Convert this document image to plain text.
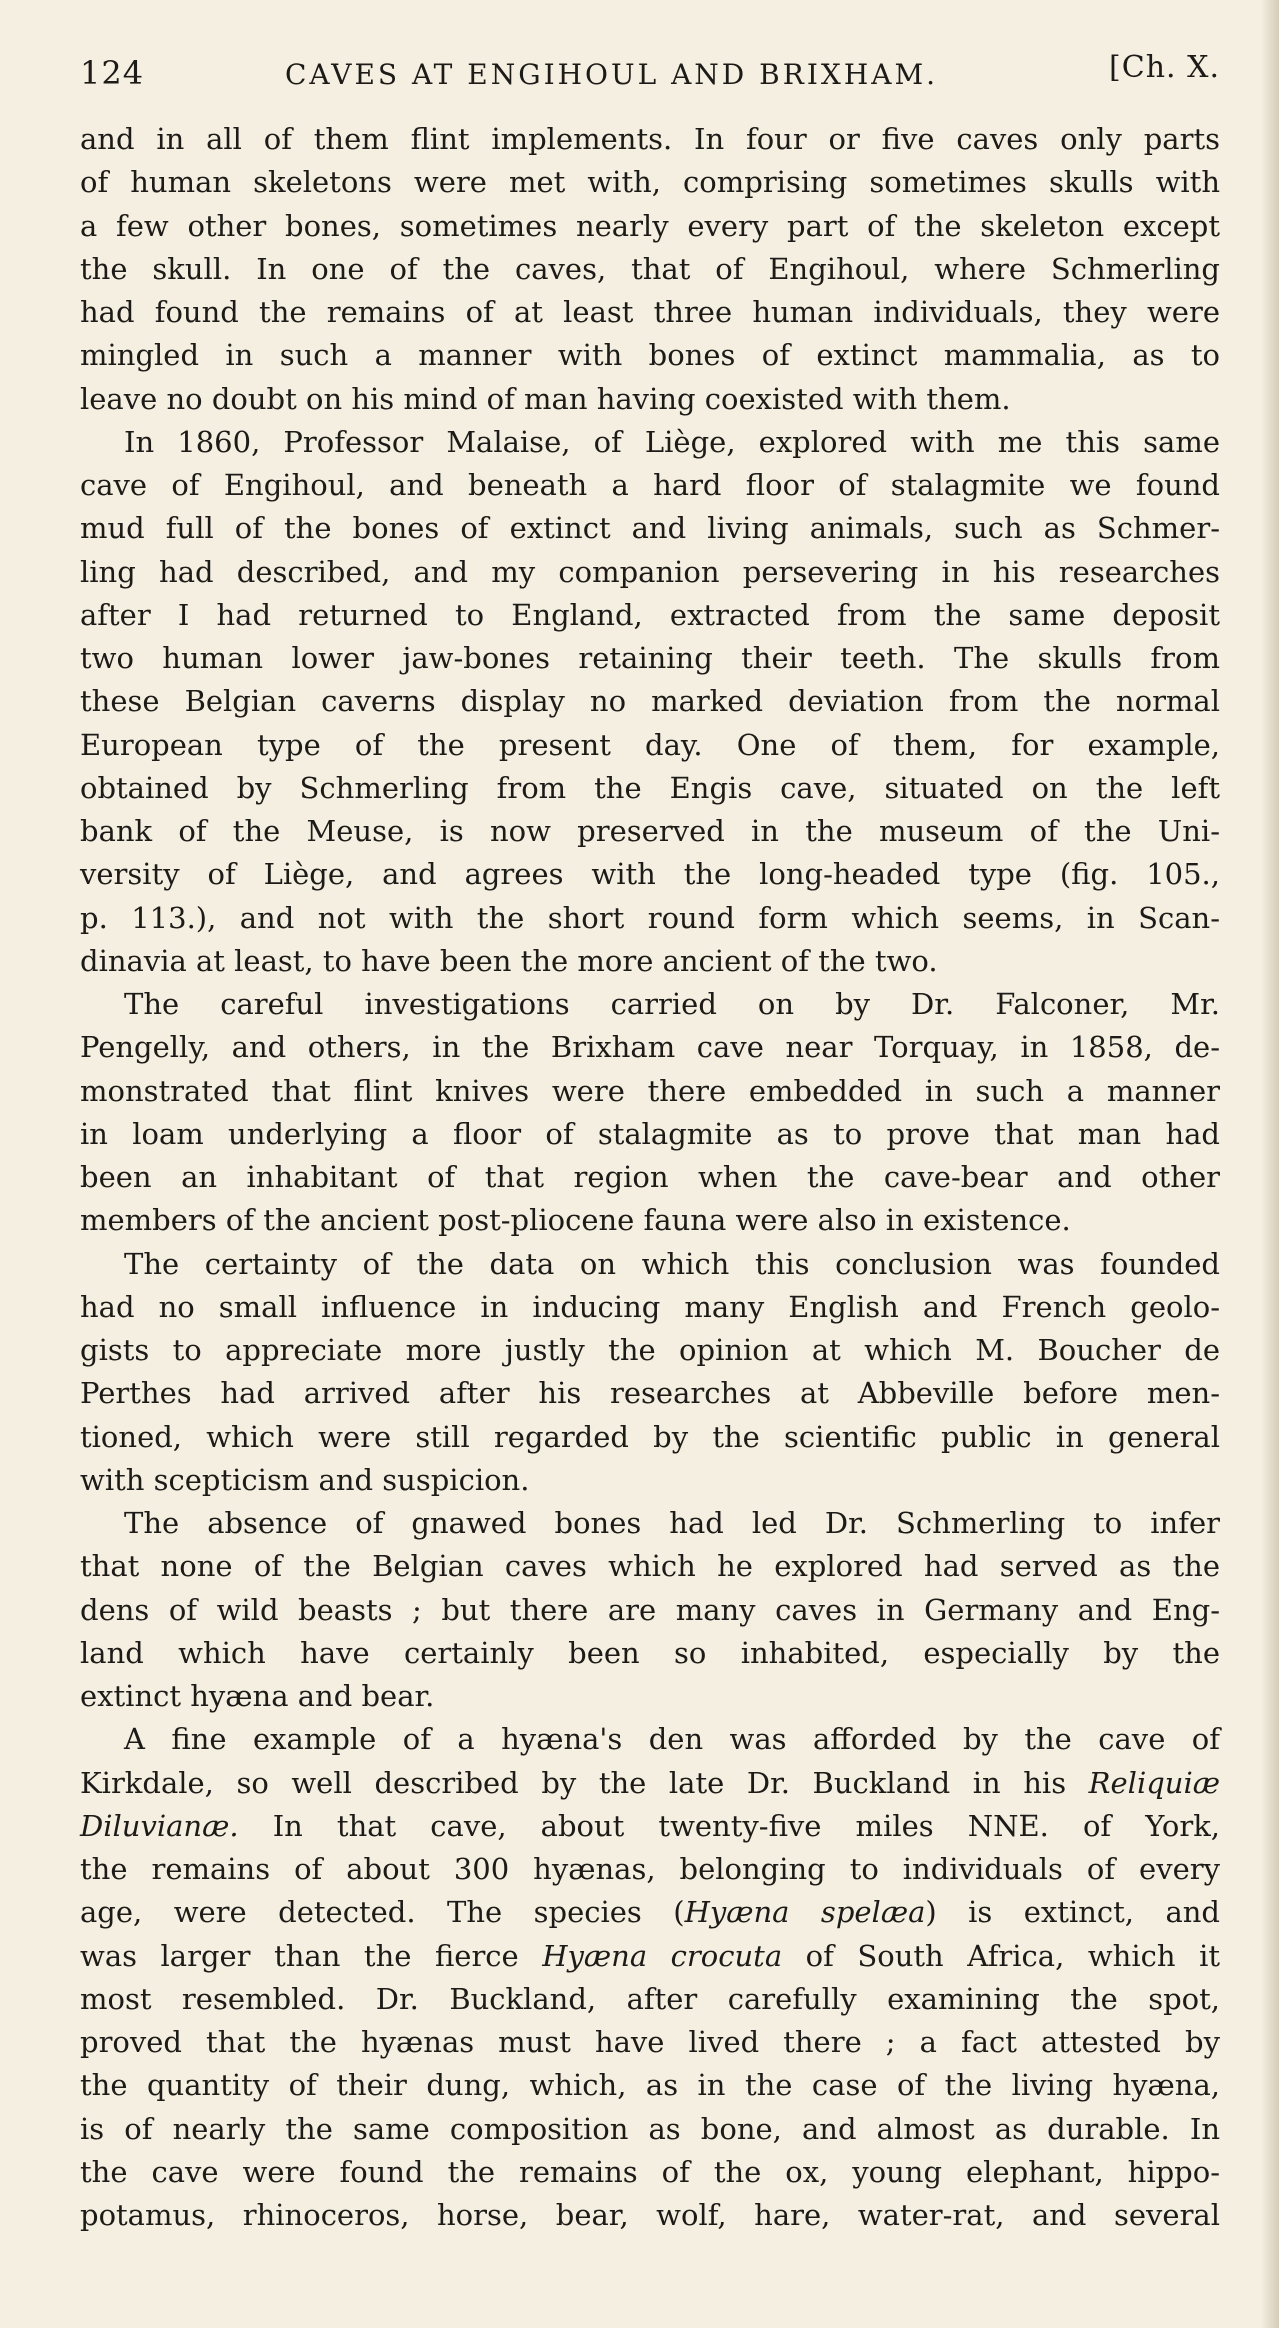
124	CAVES AT ENGIHOUL AND BRIXHAM.	[Ch. X.
and in all of them flint implements. In four or five caves only parts
of human skeletons were met with, comprising sometimes skulls with
a few other bones, sometimes nearly every part of the skeleton except
the skull. In one of the caves, that of Engihoul, where Schmerling
had found the remains of at least three human individuals, they were
mingled in such a manner with bones of extinct mammalia, as to
leave no doubt on his mind of man having coexisted with them.
In 1860, Professor Malaise, of Liège, explored with me this same
cave of Engihoul, and beneath a hard floor of stalagmite we found
mud full of the bones of extinct and living animals, such as Schmer-
ling had described, and my companion persevering in his researches
after I had returned to England, extracted from the same deposit
two human lower jaw-bones retaining their teeth. The skulls from
these Belgian caverns display no marked deviation from the normal
European type of the present day. One of them, for example,
obtained by Schmerling from the Engis cave, situated on the left
bank of the Meuse, is now preserved in the museum of the Uni-
versity of Liège, and agrees with the long-headed type (fig. 105.,
p. 113.), and not with the short round form which seems, in Scan-
dinavia at least, to have been the more ancient of the two.
The careful investigations carried on by Dr. Falconer, Mr.
Pengelly, and others, in the Brixham cave near Torquay, in 1858, de-
monstrated that flint knives were there embedded in such a manner
in loam underlying a floor of stalagmite as to prove that man had
been an inhabitant of that region when the cave-bear and other
members of the ancient post-pliocene fauna were also in existence.
The certainty of the data on which this conclusion was founded
had no small influence in inducing many English and French geolo-
gists to appreciate more justly the opinion at which M. Boucher de
Perthes had arrived after his researches at Abbeville before men-
tioned, which were still regarded by the scientific public in general
with scepticism and suspicion.
The absence of gnawed bones had led Dr. Schmerling to infer
that none of the Belgian caves which he explored had served as the
dens of wild beasts ; but there are many caves in Germany and Eng-
land which have certainly been so inhabited, especially by the
extinct hyæna and bear.
A fine example of a hyæna's den was afforded by the cave of
Kirkdale, so well described by the late Dr. Buckland in his Reliquiæ
Diluvianæ. In that cave, about twenty-five miles NNE. of York,
the remains of about 300 hyænas, belonging to individuals of every
age, were detected. The species (Hyæna spelæa) is extinct, and
was larger than the fierce Hyæna crocuta of South Africa, which it
most resembled. Dr. Buckland, after carefully examining the spot,
proved that the hyænas must have lived there ; a fact attested by
the quantity of their dung, which, as in the case of the living hyæna,
is of nearly the same composition as bone, and almost as durable. In
the cave were found the remains of the ox, young elephant, hippo-
potamus, rhinoceros, horse, bear, wolf, hare, water-rat, and several
